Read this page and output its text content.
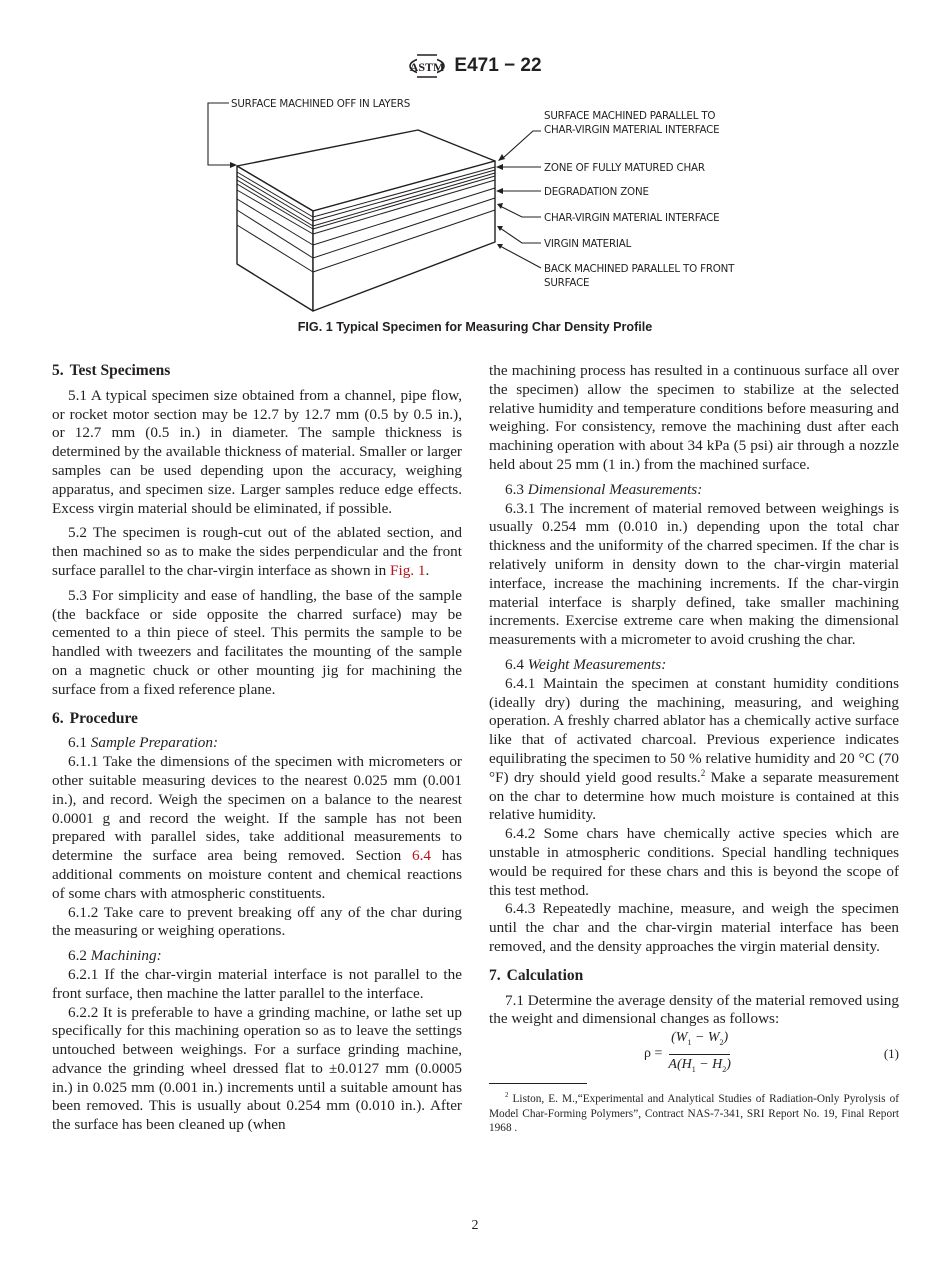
ASTM E471 − 22
SURFACE MACHINED OFF IN LAYERS
SURFACE MACHINED PARALLEL TO
CHAR-VIRGIN MATERIAL INTERFACE
ZONE OF FULLY MATURED CHAR
DEGRADATION ZONE
CHAR-VIRGIN MATERIAL INTERFACE
VIRGIN MATERIAL
BACK MACHINED PARALLEL TO FRONT
SURFACE
FIG. 1 Typical Specimen for Measuring Char Density Profile

5. Test Specimens

5.1 A typical specimen size obtained from a channel, pipe flow, or rocket motor section may be 12.7 by 12.7 mm (0.5 by 0.5 in.), or 12.7 mm (0.5 in.) in diameter. The sample thickness is determined by the available thickness of material. Smaller or larger samples can be used depending upon the accuracy, weighing apparatus, and specimen size. Larger samples reduce edge effects. Excess virgin material should be eliminated, if possible.

5.2 The specimen is rough-cut out of the ablated section, and then machined so as to make the sides perpendicular and the front surface parallel to the char-virgin interface as shown in Fig. 1.

5.3 For simplicity and ease of handling, the base of the sample (the backface or side opposite the charred surface) may be cemented to a thin piece of steel. This permits the sample to be handled with tweezers and facilitates the mounting of the sample on a magnetic chuck or other mounting jig for machining the surface from a fixed reference plane.

6. Procedure

6.1 Sample Preparation:

6.1.1 Take the dimensions of the specimen with micrometers or other suitable measuring devices to the nearest 0.025 mm (0.001 in.), and record. Weigh the specimen on a balance to the nearest 0.0001 g and record the weight. If the sample has not been prepared with parallel sides, take additional measurements to determine the surface area being removed. Section 6.4 has additional comments on moisture content and chemical reactions of some chars with atmospheric constituents.

6.1.2 Take care to prevent breaking off any of the char during the measuring or weighing operations.

6.2 Machining:

6.2.1 If the char-virgin material interface is not parallel to the front surface, then machine the latter parallel to the interface.

6.2.2 It is preferable to have a grinding machine, or lathe set up specifically for this machining operation so as to leave the settings untouched between weighings. For a surface grinding machine, advance the grinding wheel dressed flat to ±0.0127 mm (0.0005 in.) in 0.025 mm (0.001 in.) increments until a suitable amount has been removed. This is usually about 0.254 mm (0.010 in.). After the surface has been cleaned up (when

the machining process has resulted in a continuous surface all over the specimen) allow the specimen to stabilize at the selected relative humidity and temperature conditions before measuring and weighing. For consistency, remove the machining dust after each machining operation with about 34 kPa (5 psi) air through a nozzle held about 25 mm (1 in.) from the machined surface.

6.3 Dimensional Measurements:

6.3.1 The increment of material removed between weighings is usually 0.254 mm (0.010 in.) depending upon the total char thickness and the uniformity of the charred specimen. If the char is relatively uniform in density down to the char-virgin material interface, increase the machining increments. If the char-virgin material interface is sharply defined, take smaller machining increments. Exercise extreme care when making the dimensional measurements with a micrometer to avoid crushing the char.

6.4 Weight Measurements:

6.4.1 Maintain the specimen at constant humidity conditions (ideally dry) during the machining, measuring, and weighing operation. A freshly charred ablator has a chemically active surface like that of activated charcoal. Previous experience indicates equilibrating the specimen to 50 % relative humidity and 20 °C (70 °F) dry should yield good results.$^2$ Make a separate measurement on the char to determine how much moisture is contained at this relative humidity.

6.4.2 Some chars have chemically active species which are unstable in atmospheric conditions. Special handling techniques would be required for these chars and this is beyond the scope of this test method.

6.4.3 Repeatedly machine, measure, and weigh the specimen until the char and the char-virgin material interface has been removed, and the density approaches the virgin material density.

7. Calculation

7.1 Determine the average density of the material removed using the weight and dimensional changes as follows:

$\rho = \frac{(W_1 - W_2)}{A(H_1 - H_2)}$	(1)

$^2$ Liston, E. M.,“Experimental and Analytical Studies of Radiation-Only Pyrolysis of Model Char-Forming Polymers”, Contract NAS-7-341, SRI Report No. 19, Final Report 1968 .

2
